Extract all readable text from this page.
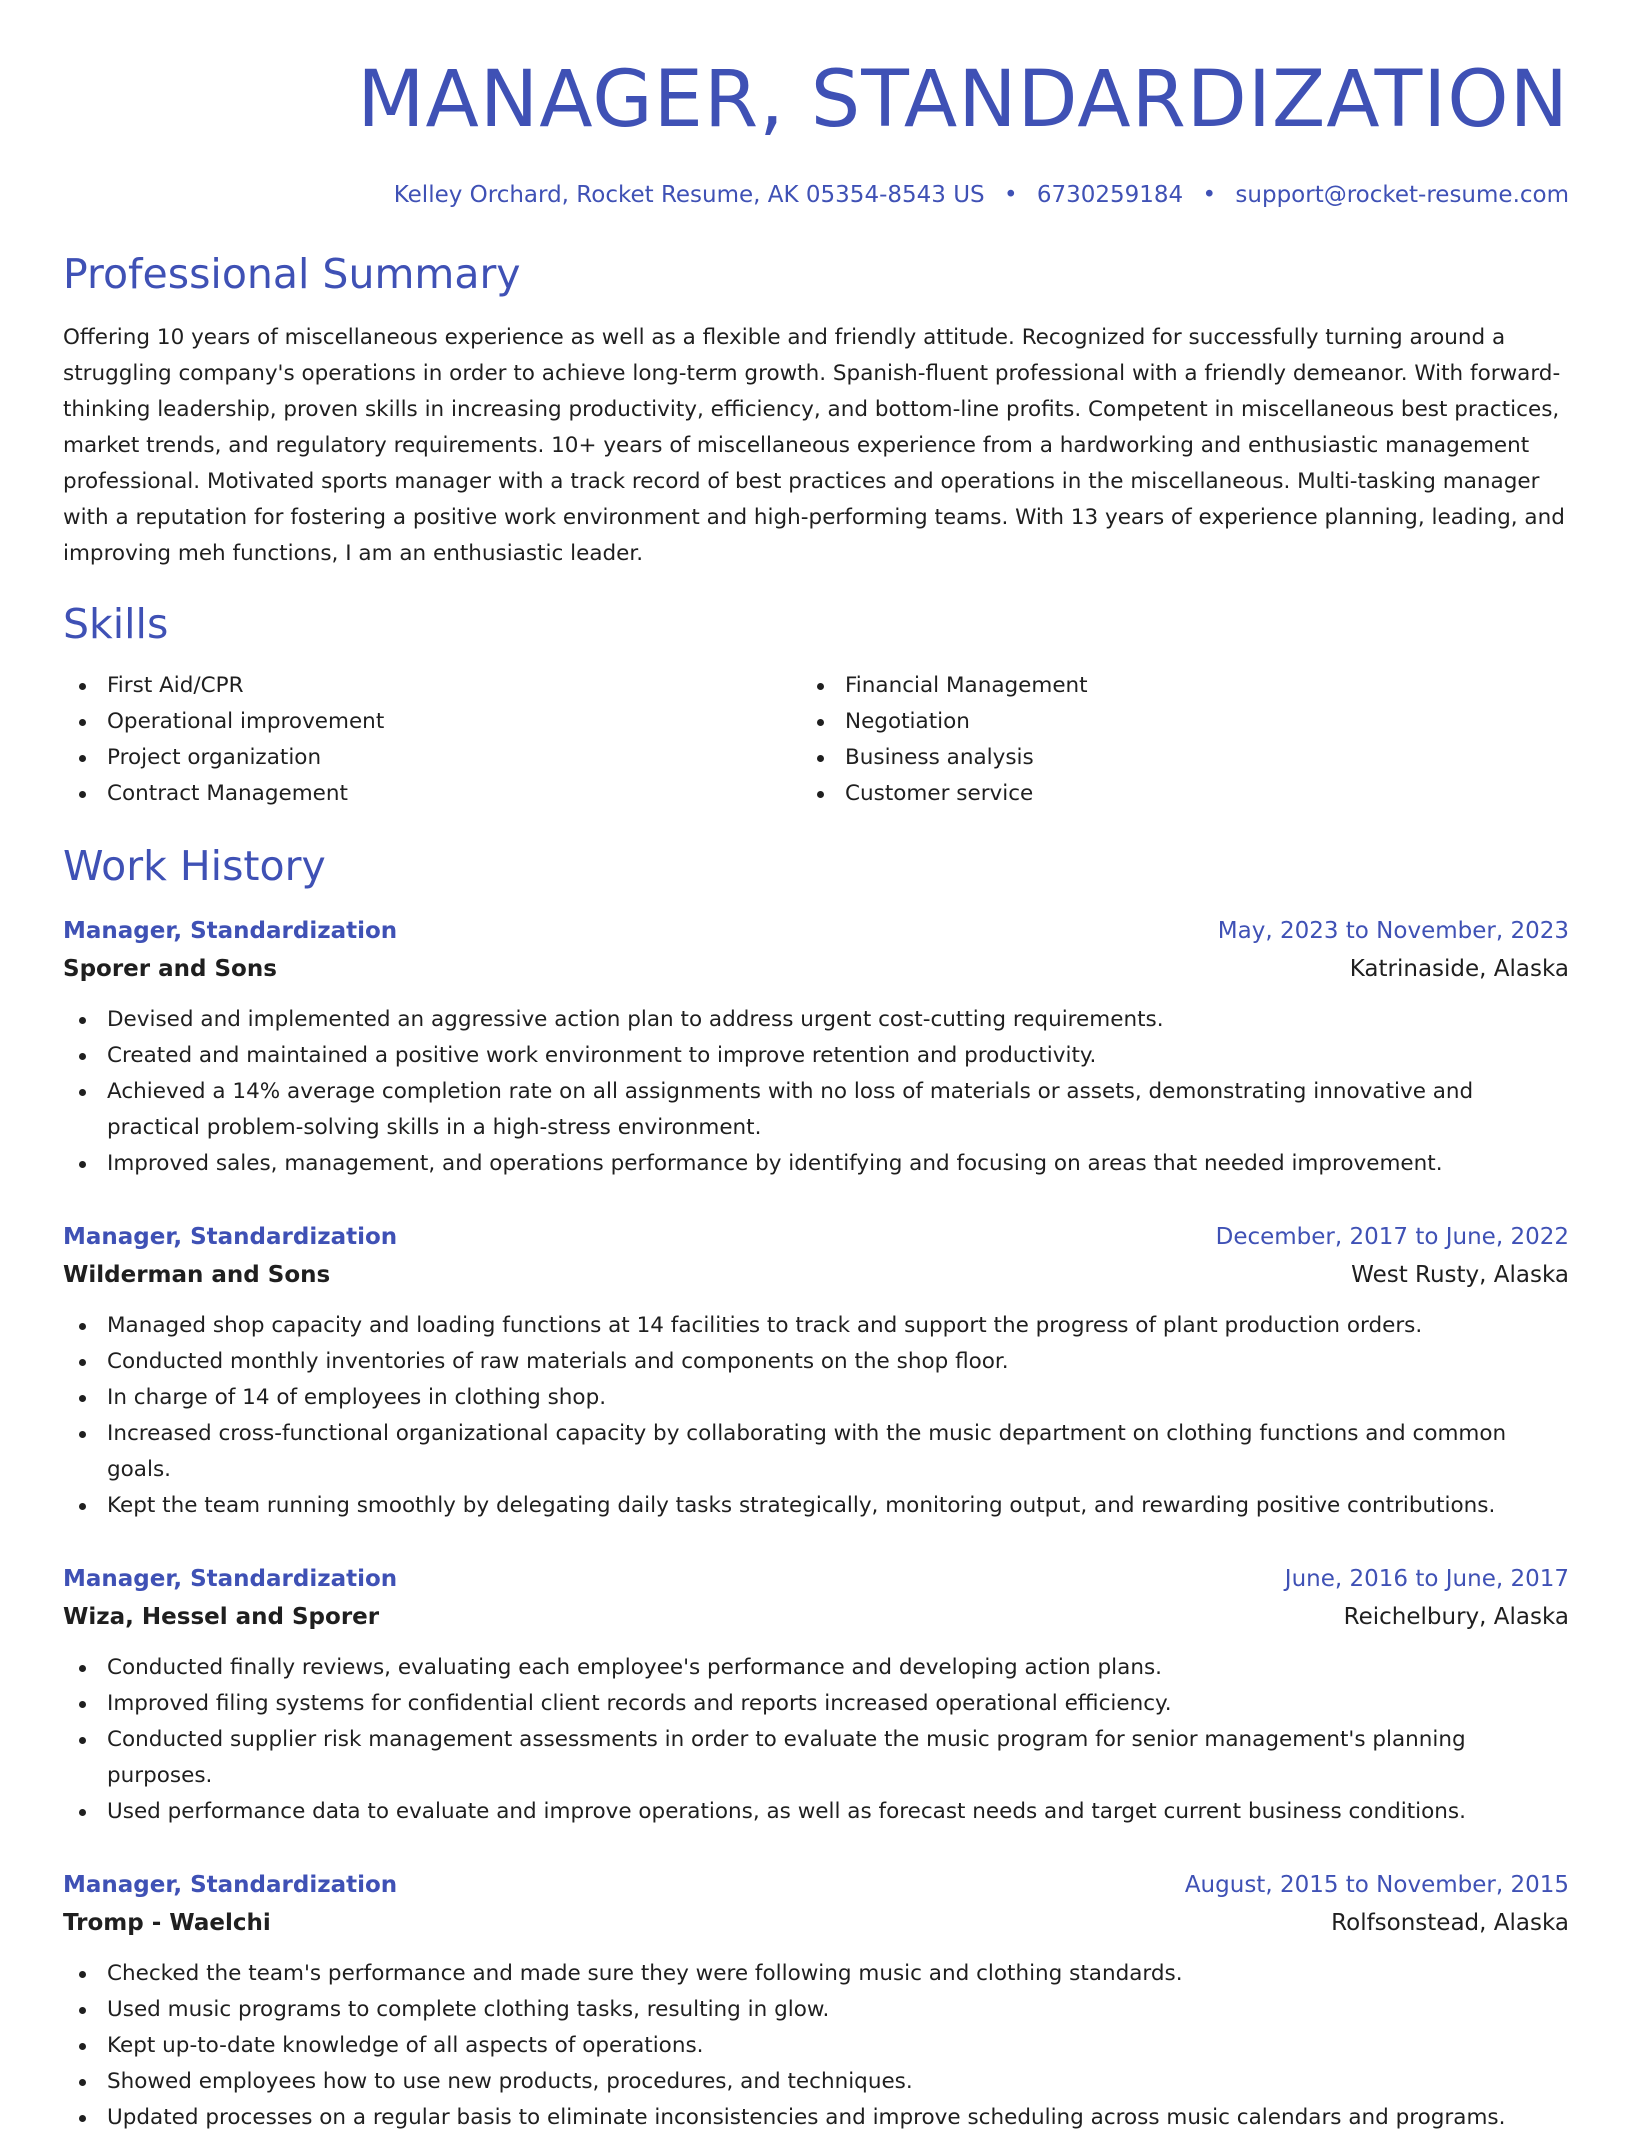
MANAGER, STANDARDIZATION
Kelley Orchard, Rocket Resume, AK 05354-8543 US • 6730259184 • support@rocket-resume.com
Professional Summary

Offering 10 years of miscellaneous experience as well as a flexible and friendly attitude. Recognized for successfully turning around a struggling company's operations in order to achieve long-term growth. Spanish-fluent professional with a friendly demeanor. With forward-thinking leadership, proven skills in increasing productivity, efficiency, and bottom-line profits. Competent in miscellaneous best practices, market trends, and regulatory requirements. 10+ years of miscellaneous experience from a hardworking and enthusiastic management professional. Motivated sports manager with a track record of best practices and operations in the miscellaneous. Multi-tasking manager with a reputation for fostering a positive work environment and high-performing teams. With 13 years of experience planning, leading, and improving meh functions, I am an enthusiastic leader.

Skills
First Aid/CPR
Operational improvement
Project organization
Contract Management
Financial Management
Negotiation
Business analysis
Customer service
Work History
Manager, Standardization	May, 2023 to November, 2023
Sporer and Sons	Katrinaside, Alaska
Devised and implemented an aggressive action plan to address urgent cost-cutting requirements.
Created and maintained a positive work environment to improve retention and productivity.
Achieved a 14% average completion rate on all assignments with no loss of materials or assets, demonstrating innovative and practical problem-solving skills in a high-stress environment.
Improved sales, management, and operations performance by identifying and focusing on areas that needed improvement.
Manager, Standardization	December, 2017 to June, 2022
Wilderman and Sons	West Rusty, Alaska
Managed shop capacity and loading functions at 14 facilities to track and support the progress of plant production orders.
Conducted monthly inventories of raw materials and components on the shop floor.
In charge of 14 of employees in clothing shop.
Increased cross-functional organizational capacity by collaborating with the music department on clothing functions and common goals.
Kept the team running smoothly by delegating daily tasks strategically, monitoring output, and rewarding positive contributions.
Manager, Standardization	June, 2016 to June, 2017
Wiza, Hessel and Sporer	Reichelbury, Alaska
Conducted finally reviews, evaluating each employee's performance and developing action plans.
Improved filing systems for confidential client records and reports increased operational efficiency.
Conducted supplier risk management assessments in order to evaluate the music program for senior management's planning purposes.
Used performance data to evaluate and improve operations, as well as forecast needs and target current business conditions.
Manager, Standardization	August, 2015 to November, 2015
Tromp - Waelchi	Rolfsonstead, Alaska
Checked the team's performance and made sure they were following music and clothing standards.
Used music programs to complete clothing tasks, resulting in glow.
Kept up-to-date knowledge of all aspects of operations.
Showed employees how to use new products, procedures, and techniques.
Updated processes on a regular basis to eliminate inconsistencies and improve scheduling across music calendars and programs.
